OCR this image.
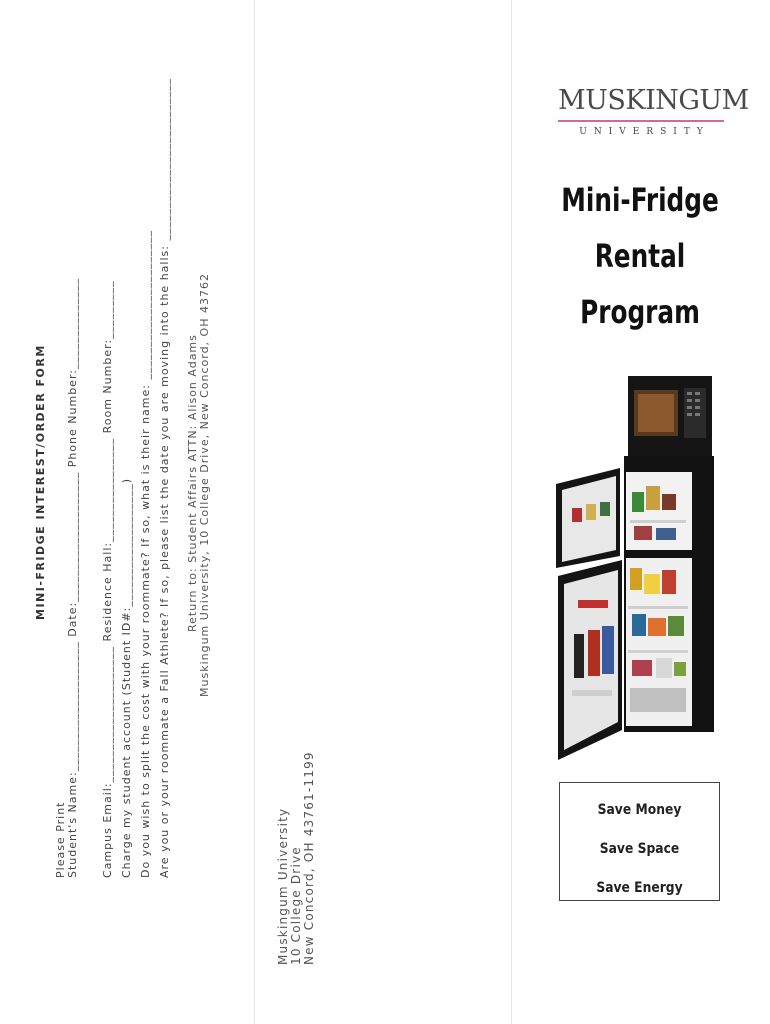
MINI-FRIDGE INTEREST/ORDER FORM
Please Print Student's Name:____________________ Date:____________________ Phone Number:______________ Campus Email:_____________________ Residence Hall:________________ Room Number:_________ Charge my student account (Student ID#:___________________) Do you wish to split the cost with your roommate? If so, what is their name: _______________________ Are you or your roommate a Fall Athlete? If so, please list the date you are moving into the halls: _________________________ Return to: Student Affairs ATTN: Alison Adams Muskingum University, 10 College Drive, New Concord, OH 43762
Muskingum University 10 College Drive New Concord, OH 43761-1199
MUSKINGUM
UNIVERSITY
Mini-Fridge
Rental
Program
Save Money
Save Space
Save Energy
